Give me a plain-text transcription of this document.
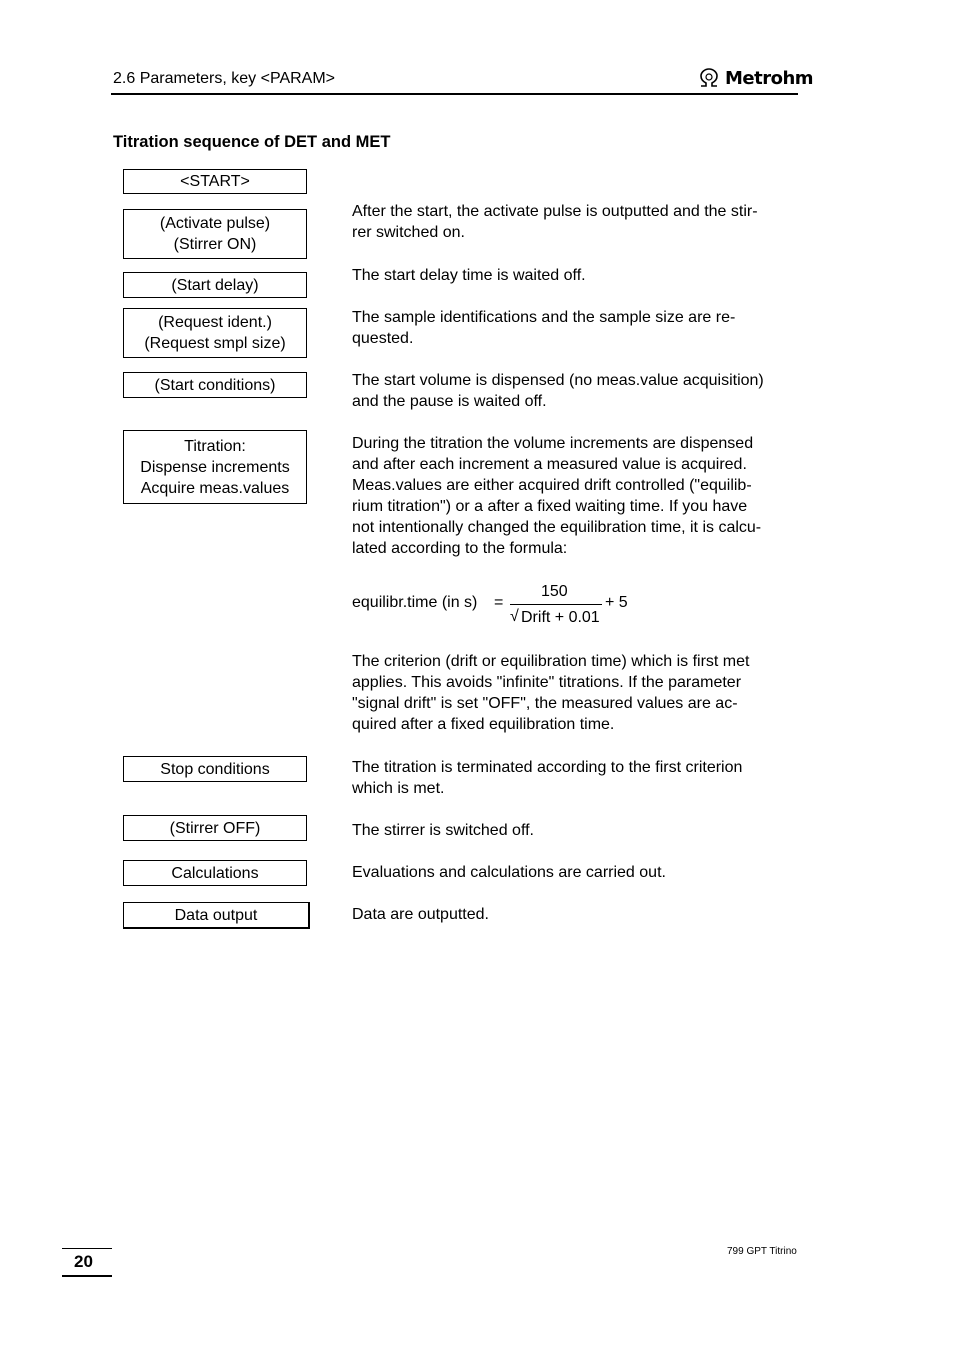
2.6 Parameters, key <PARAM>	Metrohm
Titration sequence of DET and MET
<START>
(Activate pulse)
(Stirrer ON)
(Start delay)
(Request ident.)
(Request smpl size)
(Start conditions)
Titration:
Dispense increments
Acquire meas.values
Stop conditions
(Stirrer OFF)
Calculations
Data output
After the start, the activate pulse is outputted and the stir-
rer switched on.
The start delay time is waited off.
The sample identifications and the sample size are re-
quested.
The start volume is dispensed (no meas.value acquisition)
and the pause is waited off.
During the titration the volume increments are dispensed
and after each increment a measured value is acquired.
Meas.values are either acquired drift controlled ("equilib-
rium titration") or a after a fixed waiting time. If you have
not intentionally changed the equilibration time, it is calcu-
lated according to the formula:
equilibr.time (in s) =
150
√ Drift + 0.01
+ 5
The criterion (drift or equilibration time) which is first met
applies. This avoids "infinite" titrations. If the parameter
"signal drift" is set "OFF", the measured values are ac-
quired after a fixed equilibration time.
The titration is terminated according to the first criterion
which is met.
The stirrer is switched off.
Evaluations and calculations are carried out.
Data are outputted.
20
799 GPT Titrino
